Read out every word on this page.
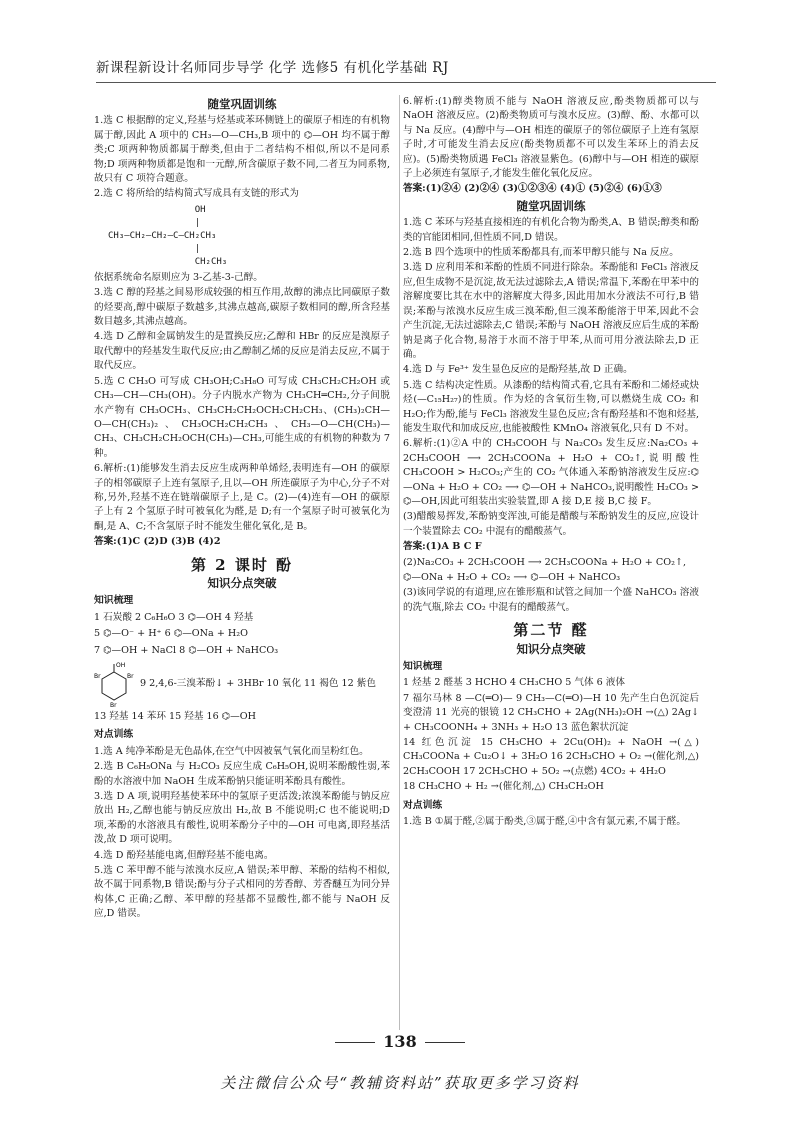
新课程新设计名师同步导学 化学 选修5 有机化学基础 RJ
随堂巩固训练

1.选 C 根据醇的定义,羟基与烃基或苯环侧链上的碳原子相连的有机物属于醇,因此 A 项中的 CH₃—O—CH₃,B 项中的 ⌬—OH 均不属于醇类;C 项两种物质都属于醇类,但由于二者结构不相似,所以不是同系物;D 项两种物质都是饱和一元醇,所含碳原子数不同,二者互为同系物,故只有 C 项符合题意。

2.选 C 将所给的结构简式写成具有支链的形式为

OH
|
CH₃—CH₂—CH₂—C—CH₂CH₃
|
CH₂CH₃

依据系统命名原则应为 3-乙基-3-己醇。

3.选 C 醇的羟基之间易形成较强的相互作用,故醇的沸点比同碳原子数的烃要高,醇中碳原子数越多,其沸点越高,碳原子数相同的醇,所含羟基数目越多,其沸点越高。

4.选 D 乙醇和金属钠发生的是置换反应;乙醇和 HBr 的反应是溴原子取代醇中的羟基发生取代反应;由乙醇制乙烯的反应是消去反应,不属于取代反应。

5.选 C CH₃O 可写成 CH₃OH;C₃H₈O 可写成 CH₃CH₂CH₂OH 或 CH₃—CH—CH₃(OH)。分子内脱水产物为 CH₃CH═CH₂,分子间脱水产物有 CH₃OCH₃、CH₃CH₂CH₂OCH₂CH₂CH₃、(CH₃)₂CH—O—CH(CH₃)₂、CH₃OCH₂CH₂CH₃、CH₃—O—CH(CH₃)—CH₃、CH₃CH₂CH₂OCH(CH₃)—CH₃,可能生成的有机物的种数为 7 种。

6.解析:(1)能够发生消去反应生成两种单烯烃,表明连有—OH 的碳原子的相邻碳原子上连有氢原子,且以—OH 所连碳原子为中心,分子不对称,另外,羟基不连在链端碳原子上,是 C。(2)—(4)连有—OH 的碳原子上有 2 个氢原子时可被氧化为醛,是 D;有一个氢原子时可被氧化为酮,是 A、C;不含氢原子时不能发生催化氧化,是 B。

答案:(1)C (2)D (3)B (4)2

第 2 课时 酚
知识分点突破
知识梳理
1 石炭酸 2 C₆H₆O 3 ⌬—OH 4 羟基
5 ⌬—O⁻ + H⁺ 6 ⌬—ONa + H₂O
7 ⌬—OH + NaCl 8 ⌬—OH + NaHCO₃
OH
Br	Br
Br
9 2,4,6-三溴苯酚↓ + 3HBr 10 氧化 11 褐色 12 紫色
13 羟基 14 苯环 15 羟基 16 ⌬—OH
对点训练

1.选 A 纯净苯酚是无色晶体,在空气中因被氧气氧化而呈粉红色。

2.选 B C₆H₅ONa 与 H₂CO₃ 反应生成 C₆H₅OH,说明苯酚酸性弱,苯酚的水溶液中加 NaOH 生成苯酚钠只能证明苯酚具有酸性。

3.选 D A 项,说明羟基使苯环中的氢原子更活泼;浓溴苯酚能与钠反应放出 H₂,乙醇也能与钠反应放出 H₂,故 B 不能说明;C 也不能说明;D 项,苯酚的水溶液具有酸性,说明苯酚分子中的—OH 可电离,即羟基活泼,故 D 项可说明。

4.选 D 酚羟基能电离,但醇羟基不能电离。

5.选 C 苯甲醇不能与浓溴水反应,A 错误;苯甲醇、苯酚的结构不相似,故不属于同系物,B 错误;酚与分子式相同的芳香醇、芳香醚互为同分异构体,C 正确;乙醇、苯甲醇的羟基都不显酸性,都不能与 NaOH 反应,D 错误。

6.解析:(1)醇类物质不能与 NaOH 溶液反应,酚类物质都可以与 NaOH 溶液反应。(2)酚类物质可与溴水反应。(3)醇、酚、水都可以与 Na 反应。(4)醇中与—OH 相连的碳原子的邻位碳原子上连有氢原子时,才可能发生消去反应(酚类物质都不可以发生苯环上的消去反应)。(5)酚类物质遇 FeCl₃ 溶液显紫色。(6)醇中与—OH 相连的碳原子上必须连有氢原子,才能发生催化氧化反应。

答案:(1)②④ (2)②④ (3)①②③④ (4)① (5)②④ (6)①③

随堂巩固训练

1.选 C 苯环与羟基直接相连的有机化合物为酚类,A、B 错误;醇类和酚类的官能团相同,但性质不同,D 错误。

2.选 B 四个选项中的性质苯酚都具有,而苯甲醇只能与 Na 反应。

3.选 D 应利用苯和苯酚的性质不同进行除杂。苯酚能和 FeCl₃ 溶液反应,但生成物不是沉淀,故无法过滤除去,A 错误;常温下,苯酚在甲苯中的溶解度要比其在水中的溶解度大得多,因此用加水分液法不可行,B 错误;苯酚与浓溴水反应生成三溴苯酚,但三溴苯酚能溶于甲苯,因此不会产生沉淀,无法过滤除去,C 错误;苯酚与 NaOH 溶液反应后生成的苯酚钠是离子化合物,易溶于水而不溶于甲苯,从而可用分液法除去,D 正确。

4.选 D 与 Fe³⁺ 发生显色反应的是酚羟基,故 D 正确。

5.选 C 结构决定性质。从漆酚的结构简式看,它具有苯酚和二烯烃或炔烃(—C₁₅H₂₇)的性质。作为烃的含氧衍生物,可以燃烧生成 CO₂ 和 H₂O;作为酚,能与 FeCl₃ 溶液发生显色反应;含有酚羟基和不饱和烃基,能发生取代和加成反应,也能被酸性 KMnO₄ 溶液氧化,只有 D 不对。

6.解析:(1)②A 中的 CH₃COOH 与 Na₂CO₃ 发生反应:Na₂CO₃ + 2CH₃COOH ⟶ 2CH₃COONa + H₂O + CO₂↑,说明酸性 CH₃COOH > H₂CO₃;产生的 CO₂ 气体通入苯酚钠溶液发生反应:⌬—ONa + H₂O + CO₂ ⟶ ⌬—OH + NaHCO₃,说明酸性 H₂CO₃ > ⌬—OH,因此可组装出实验装置,即 A 接 D,E 接 B,C 接 F。

(3)醋酸易挥发,苯酚钠变浑浊,可能是醋酸与苯酚钠发生的反应,应设计一个装置除去 CO₂ 中混有的醋酸蒸气。

答案:(1)A B C F

(2)Na₂CO₃ + 2CH₃COOH ⟶ 2CH₃COONa + H₂O + CO₂↑,

⌬—ONa + H₂O + CO₂ ⟶ ⌬—OH + NaHCO₃

(3)该同学说的有道理,应在锥形瓶和试管之间加一个盛 NaHCO₃ 溶液的洗气瓶,除去 CO₂ 中混有的醋酸蒸气。

第二节 醛
知识分点突破
知识梳理

1 烃基 2 醛基 3 HCHO 4 CH₃CHO 5 气体 6 液体

7 福尔马林 8 —C(═O)— 9 CH₃—C(═O)—H 10 先产生白色沉淀后变澄清 11 光亮的银镜 12 CH₃CHO + 2Ag(NH₃)₂OH →(△) 2Ag↓ + CH₃COONH₄ + 3NH₃ + H₂O 13 蓝色絮状沉淀

14 红色沉淀 15 CH₃CHO + 2Cu(OH)₂ + NaOH →(△) CH₃COONa + Cu₂O↓ + 3H₂O 16 2CH₃CHO + O₂ →(催化剂,△) 2CH₃COOH 17 2CH₃CHO + 5O₂ →(点燃) 4CO₂ + 4H₂O

18 CH₃CHO + H₂ →(催化剂,△) CH₃CH₂OH

对点训练

1.选 B ①属于醛,②属于酚类,③属于醛,④中含有氯元素,不属于醛。

138
关注微信公众号“教辅资料站”获取更多学习资料
